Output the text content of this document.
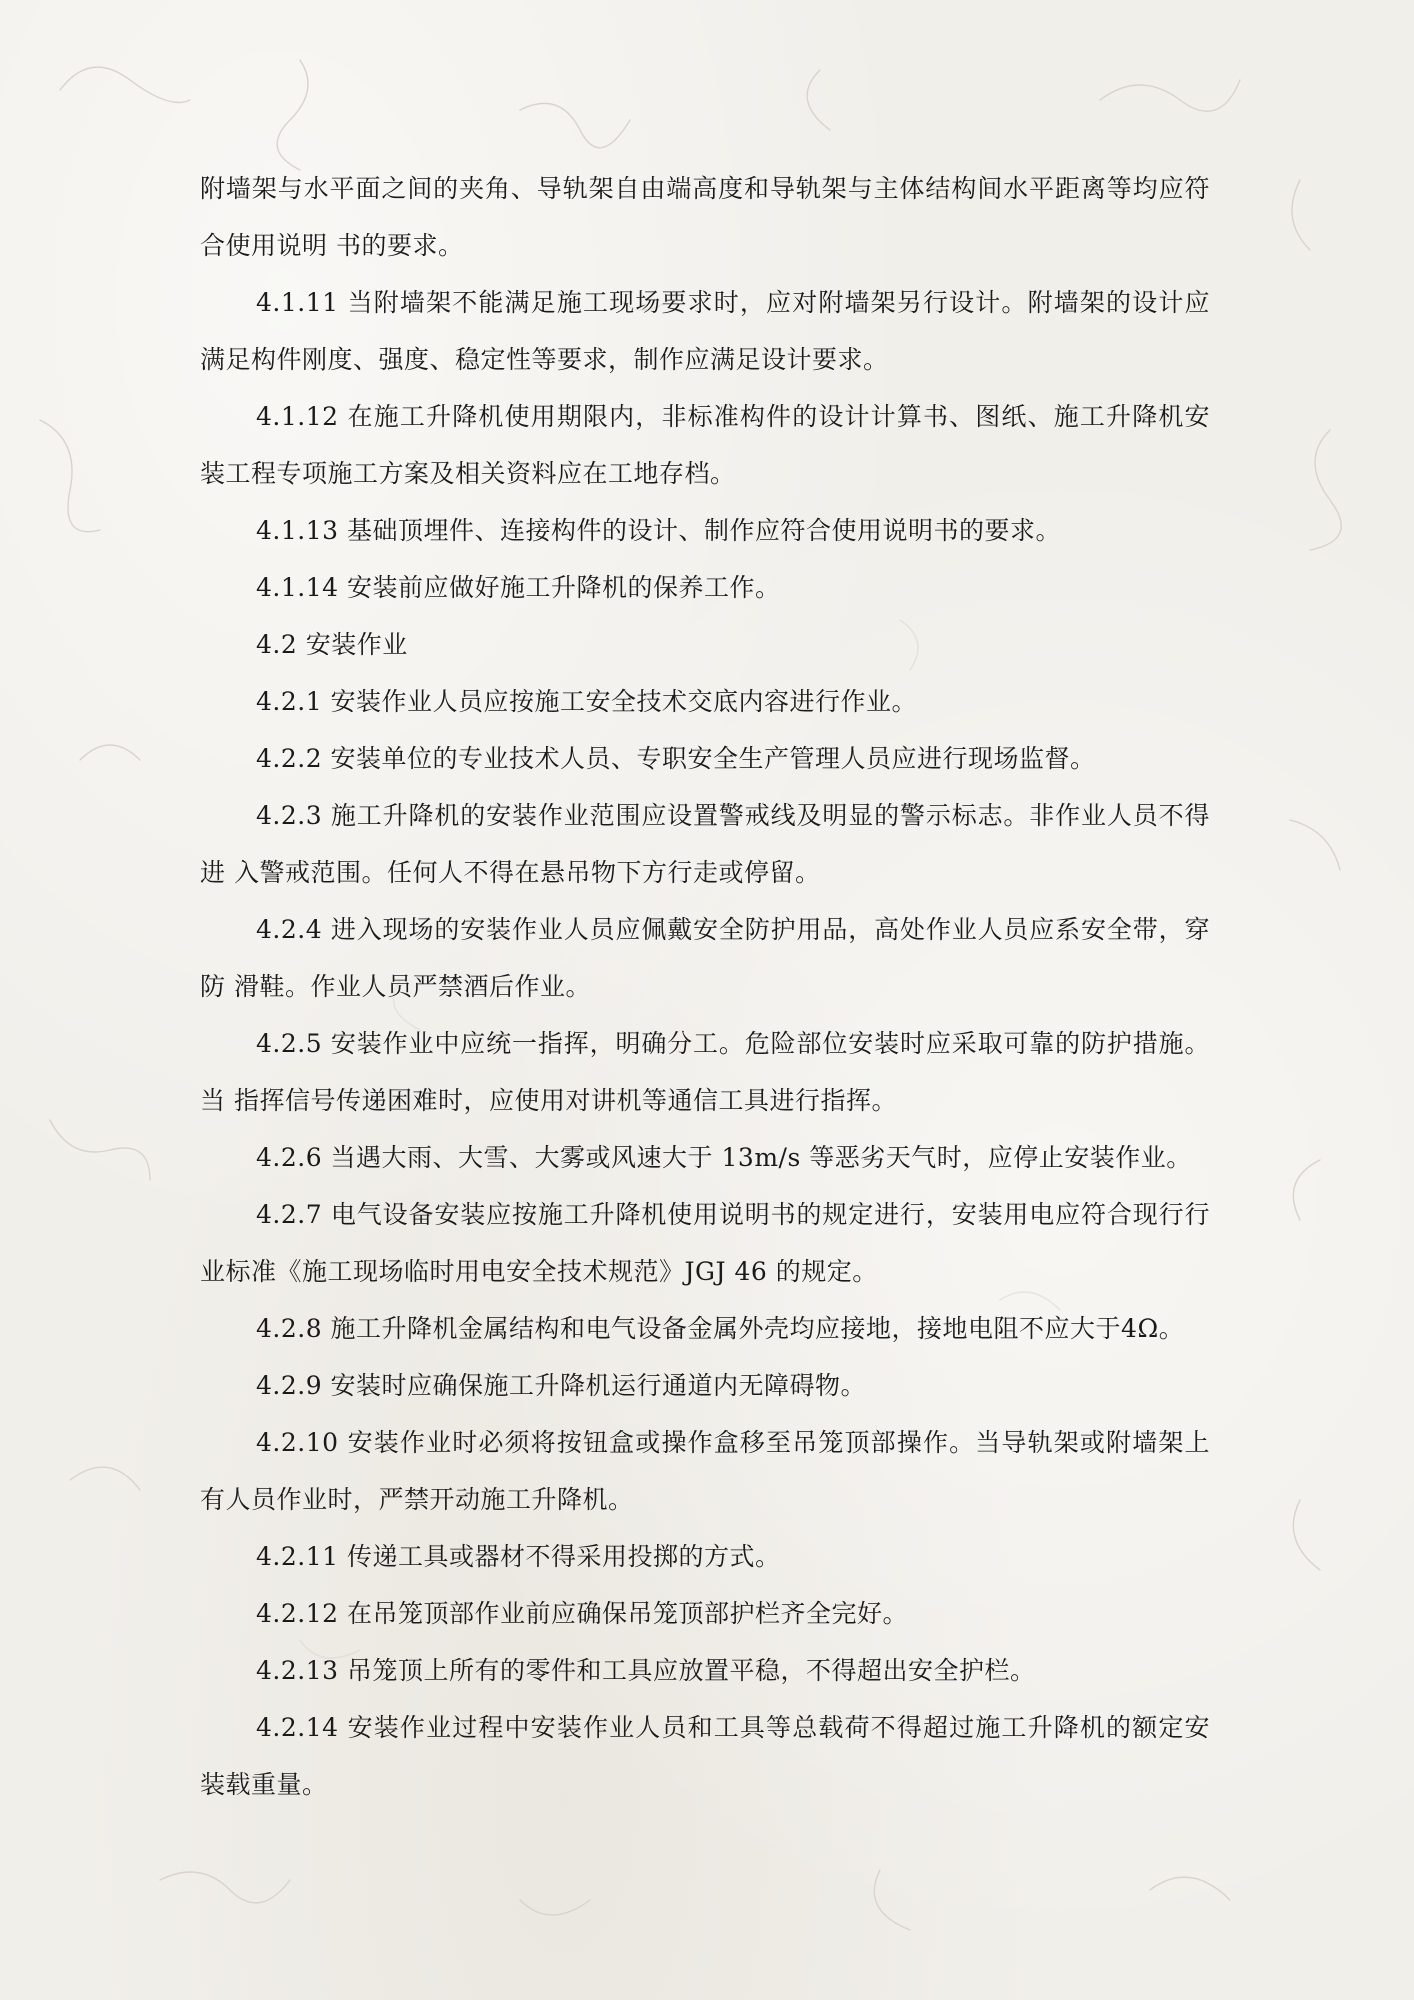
附墙架与水平面之间的夹角、导轨架自由端高度和导轨架与主体结构间水平距离等均应符合使用说明 书的要求。

4.1.11 当附墙架不能满足施工现场要求时，应对附墙架另行设计。附墙架的设计应满足构件刚度、强度、稳定性等要求，制作应满足设计要求。

4.1.12 在施工升降机使用期限内，非标准构件的设计计算书、图纸、施工升降机安装工程专项施工方案及相关资料应在工地存档。

4.1.13 基础顶埋件、连接构件的设计、制作应符合使用说明书的要求。

4.1.14 安装前应做好施工升降机的保养工作。

4.2 安装作业

4.2.1 安装作业人员应按施工安全技术交底内容进行作业。

4.2.2 安装单位的专业技术人员、专职安全生产管理人员应进行现场监督。

4.2.3 施工升降机的安装作业范围应设置警戒线及明显的警示标志。非作业人员不得进 入警戒范围。任何人不得在悬吊物下方行走或停留。

4.2.4 进入现场的安装作业人员应佩戴安全防护用品，高处作业人员应系安全带，穿防 滑鞋。作业人员严禁酒后作业。

4.2.5 安装作业中应统一指挥，明确分工。危险部位安装时应采取可靠的防护措施。当 指挥信号传递困难时，应使用对讲机等通信工具进行指挥。

4.2.6 当遇大雨、大雪、大雾或风速大于 13m/s 等恶劣天气时，应停止安装作业。

4.2.7 电气设备安装应按施工升降机使用说明书的规定进行，安装用电应符合现行行业标准《施工现场临时用电安全技术规范》JGJ 46 的规定。

4.2.8 施工升降机金属结构和电气设备金属外壳均应接地，接地电阻不应大于4Ω。

4.2.9 安装时应确保施工升降机运行通道内无障碍物。

4.2.10 安装作业时必须将按钮盒或操作盒移至吊笼顶部操作。当导轨架或附墙架上有人员作业时，严禁开动施工升降机。

4.2.11 传递工具或器材不得采用投掷的方式。

4.2.12 在吊笼顶部作业前应确保吊笼顶部护栏齐全完好。

4.2.13 吊笼顶上所有的零件和工具应放置平稳，不得超出安全护栏。

4.2.14 安装作业过程中安装作业人员和工具等总载荷不得超过施工升降机的额定安装载重量。
